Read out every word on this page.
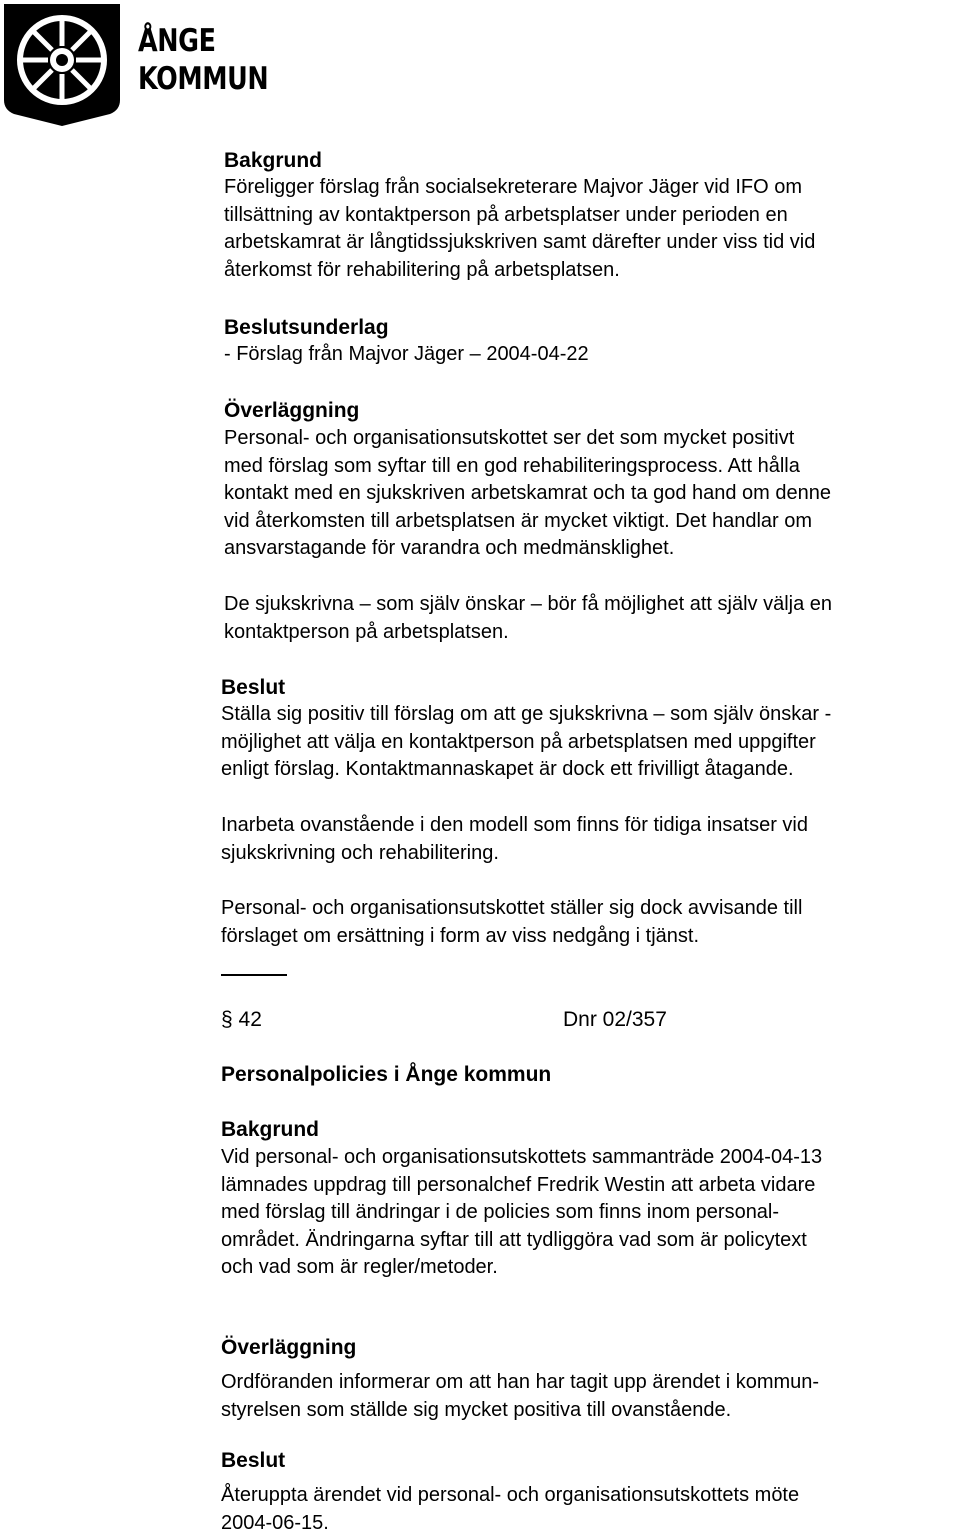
ÅNGE
KOMMUN
Bakgrund
Föreligger förslag från socialsekreterare Majvor Jäger vid IFO om
tillsättning av kontaktperson på arbetsplatser under perioden en
arbetskamrat är långtidssjukskriven samt därefter under viss tid vid
återkomst för rehabilitering på arbetsplatsen.
Beslutsunderlag
- Förslag från Majvor Jäger – 2004-04-22
Överläggning
Personal- och organisationsutskottet ser det som mycket positivt
med förslag som syftar till en god rehabiliteringsprocess. Att hålla
kontakt med en sjukskriven arbetskamrat och ta god hand om denne
vid återkomsten till arbetsplatsen är mycket viktigt. Det handlar om
ansvarstagande för varandra och medmänsklighet.
De sjukskrivna – som själv önskar – bör få möjlighet att själv välja en
kontaktperson på arbetsplatsen.
Beslut
Ställa sig positiv till förslag om att ge sjukskrivna – som själv önskar -
möjlighet att välja en kontaktperson på arbetsplatsen med uppgifter
enligt förslag. Kontaktmannaskapet är dock ett frivilligt åtagande.
Inarbeta ovanstående i den modell som finns för tidiga insatser vid
sjukskrivning och rehabilitering.
Personal- och organisationsutskottet ställer sig dock avvisande till
förslaget om ersättning i form av viss nedgång i tjänst.
§ 42	Dnr 02/357
Personalpolicies i Ånge kommun
Bakgrund
Vid personal- och organisationsutskottets sammanträde 2004-04-13
lämnades uppdrag till personalchef Fredrik Westin att arbeta vidare
med förslag till ändringar i de policies som finns inom personal-
området. Ändringarna syftar till att tydliggöra vad som är policytext
och vad som är regler/metoder.
Överläggning
Ordföranden informerar om att han har tagit upp ärendet i kommun-
styrelsen som ställde sig mycket positiva till ovanstående.
Beslut
Återuppta ärendet vid personal- och organisationsutskottets möte
2004-06-15.
